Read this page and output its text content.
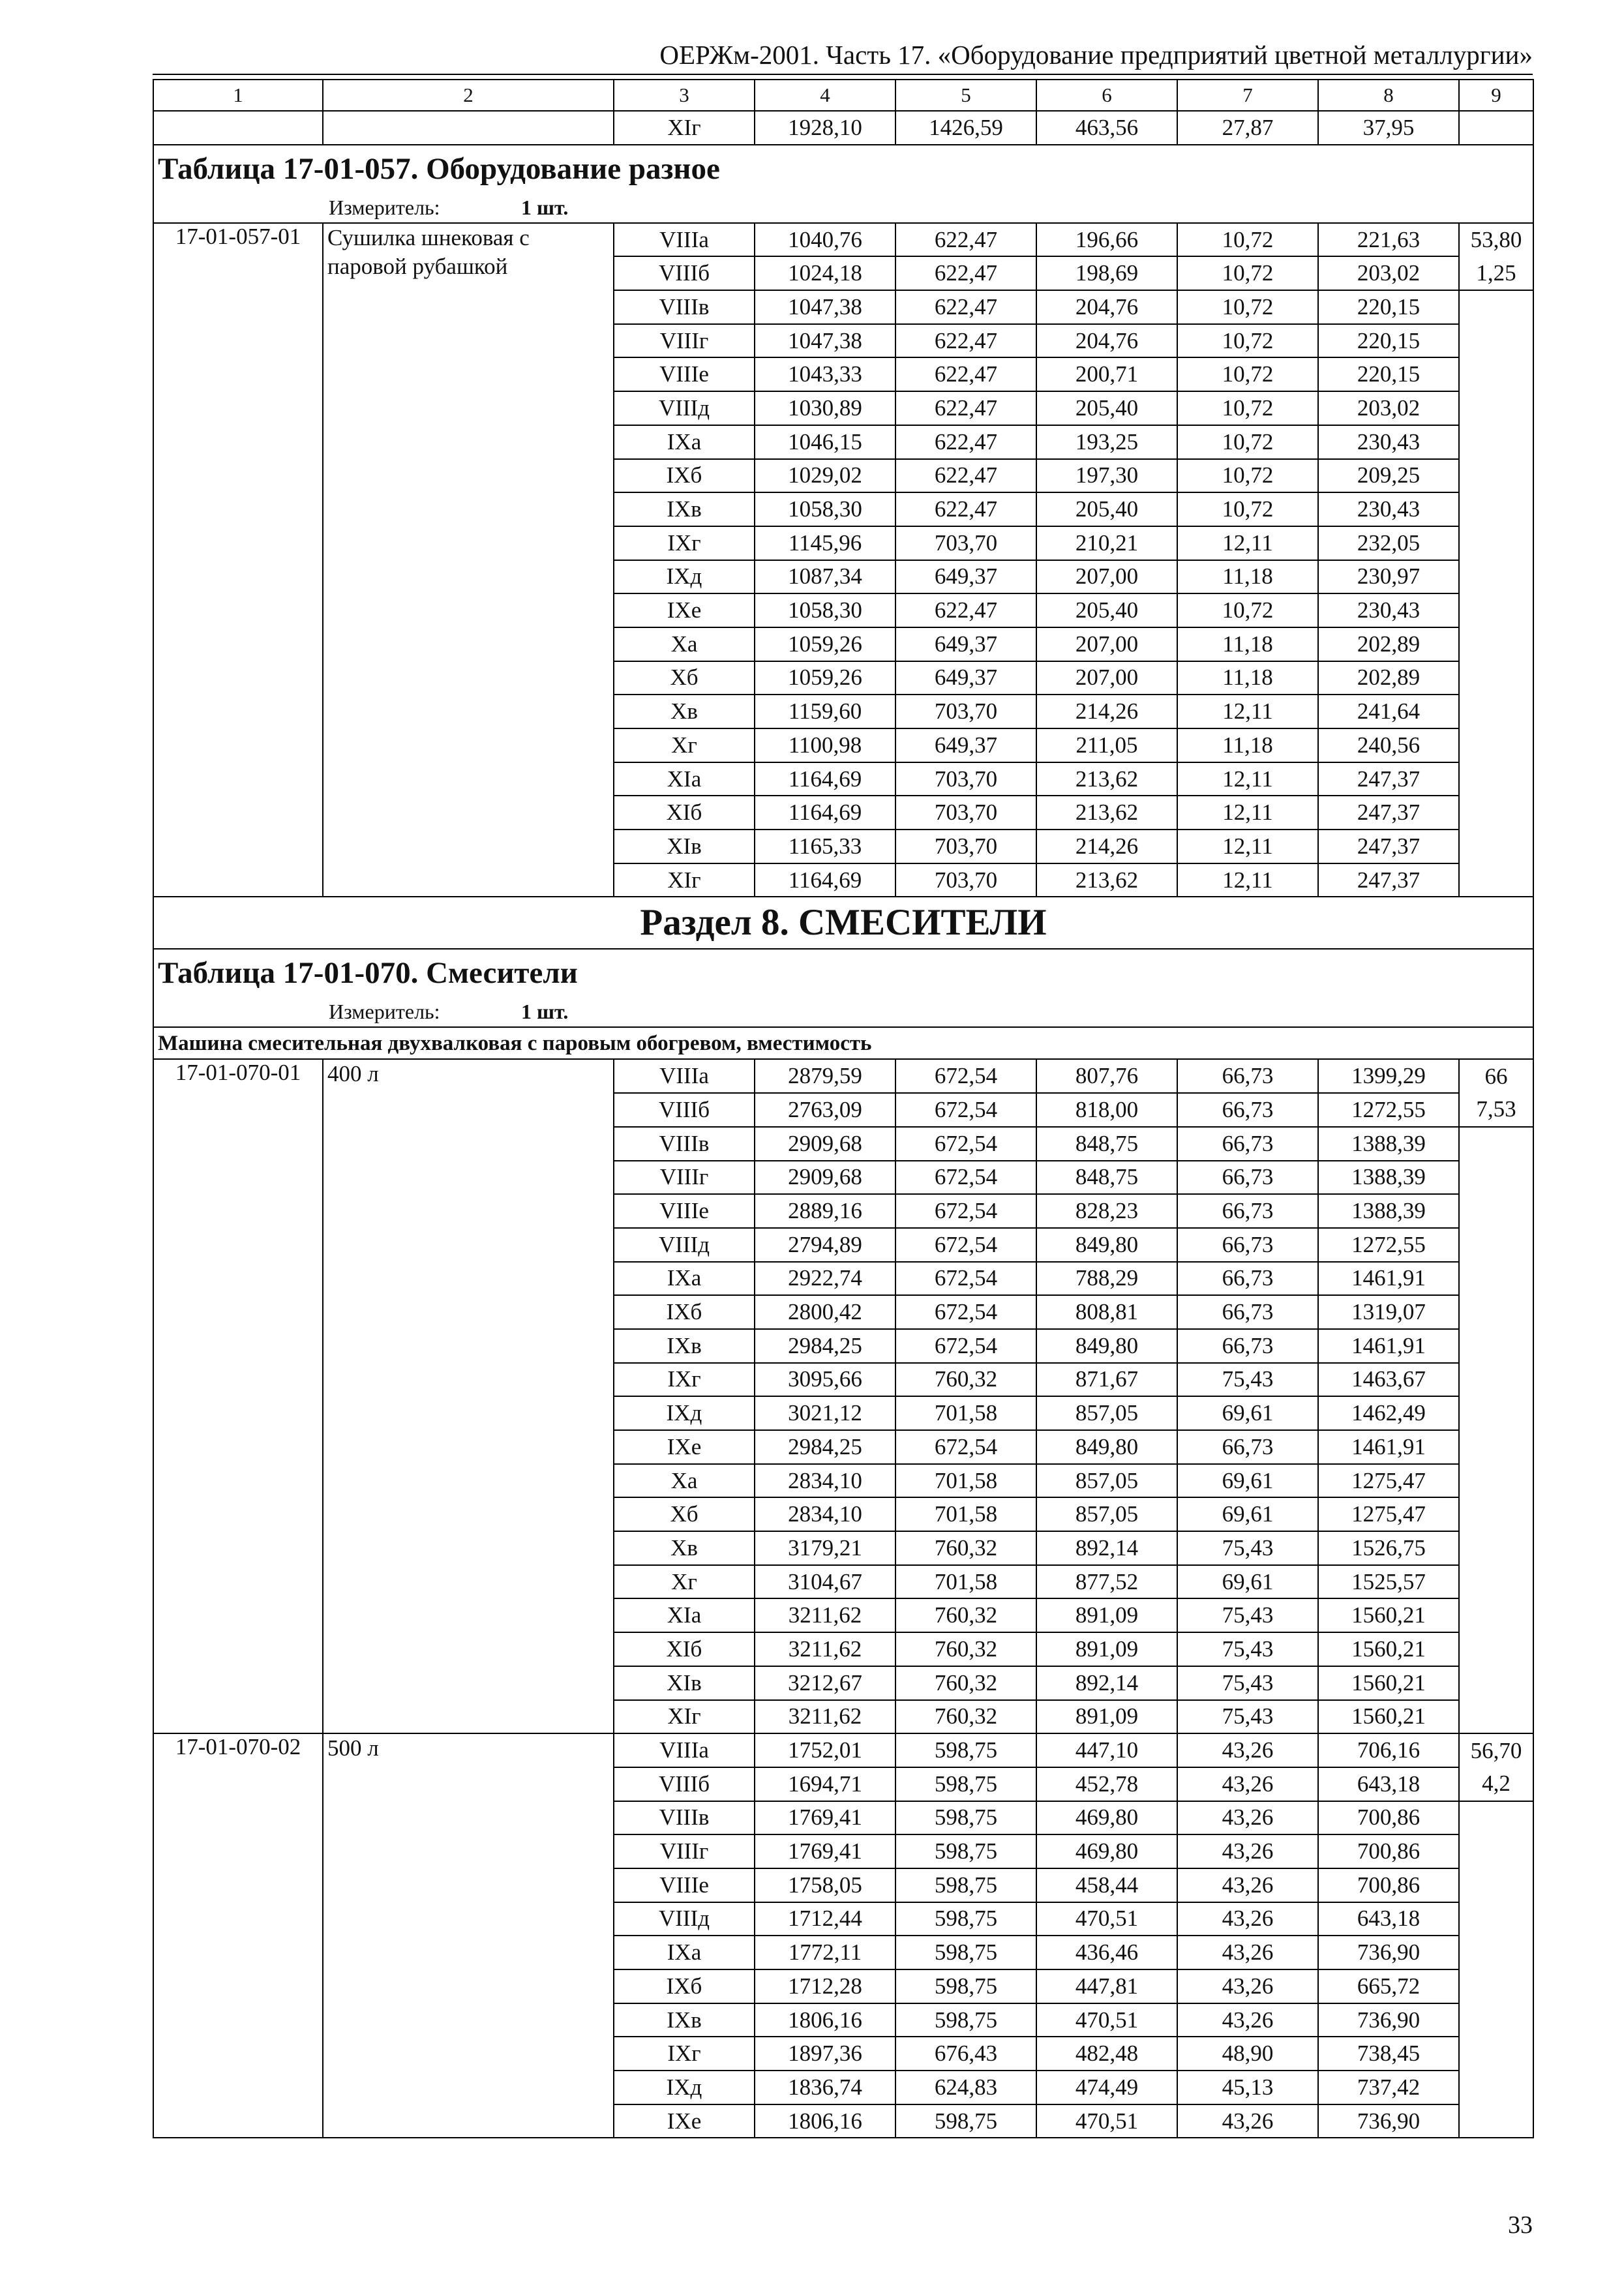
ОЕРЖм-2001. Часть 17. «Оборудование предприятий цветной металлургии»
1	2	3	4	5	6	7	8	9
		XIг	1928,10	1426,59	463,56	27,87	37,95	
Таблица 17-01-057. Оборудование разное								
Измеритель: 1 шт.								
17-01-057-01	Сушилка шнековая с паровой рубашкой	VIIIа	1040,76	622,47	196,66	10,72	221,63	53,80
		VIIIб	1024,18	622,47	198,69	10,72	203,02	1,25
		VIIIв	1047,38	622,47	204,76	10,72	220,15	
		VIIIг	1047,38	622,47	204,76	10,72	220,15	
		VIIIе	1043,33	622,47	200,71	10,72	220,15	
		VIIIд	1030,89	622,47	205,40	10,72	203,02	
		IXа	1046,15	622,47	193,25	10,72	230,43	
		IXб	1029,02	622,47	197,30	10,72	209,25	
		IXв	1058,30	622,47	205,40	10,72	230,43	
		IXг	1145,96	703,70	210,21	12,11	232,05	
		IXд	1087,34	649,37	207,00	11,18	230,97	
		IXе	1058,30	622,47	205,40	10,72	230,43	
		Xа	1059,26	649,37	207,00	11,18	202,89	
		Xб	1059,26	649,37	207,00	11,18	202,89	
		Xв	1159,60	703,70	214,26	12,11	241,64	
		Xг	1100,98	649,37	211,05	11,18	240,56	
		XIа	1164,69	703,70	213,62	12,11	247,37	
		XIб	1164,69	703,70	213,62	12,11	247,37	
		XIв	1165,33	703,70	214,26	12,11	247,37	
		XIг	1164,69	703,70	213,62	12,11	247,37	
Раздел 8. СМЕСИТЕЛИ								
Таблица 17-01-070. Смесители								
Измеритель: 1 шт.								
Машина смесительная двухвалковая с паровым обогревом, вместимость								
17-01-070-01	400 л	VIIIа	2879,59	672,54	807,76	66,73	1399,29	66
		VIIIб	2763,09	672,54	818,00	66,73	1272,55	7,53
		VIIIв	2909,68	672,54	848,75	66,73	1388,39	
		VIIIг	2909,68	672,54	848,75	66,73	1388,39	
		VIIIе	2889,16	672,54	828,23	66,73	1388,39	
		VIIIд	2794,89	672,54	849,80	66,73	1272,55	
		IXа	2922,74	672,54	788,29	66,73	1461,91	
		IXб	2800,42	672,54	808,81	66,73	1319,07	
		IXв	2984,25	672,54	849,80	66,73	1461,91	
		IXг	3095,66	760,32	871,67	75,43	1463,67	
		IXд	3021,12	701,58	857,05	69,61	1462,49	
		IXе	2984,25	672,54	849,80	66,73	1461,91	
		Xа	2834,10	701,58	857,05	69,61	1275,47	
		Xб	2834,10	701,58	857,05	69,61	1275,47	
		Xв	3179,21	760,32	892,14	75,43	1526,75	
		Xг	3104,67	701,58	877,52	69,61	1525,57	
		XIа	3211,62	760,32	891,09	75,43	1560,21	
		XIб	3211,62	760,32	891,09	75,43	1560,21	
		XIв	3212,67	760,32	892,14	75,43	1560,21	
		XIг	3211,62	760,32	891,09	75,43	1560,21	
17-01-070-02	500 л	VIIIа	1752,01	598,75	447,10	43,26	706,16	56,70
		VIIIб	1694,71	598,75	452,78	43,26	643,18	4,2
		VIIIв	1769,41	598,75	469,80	43,26	700,86	
		VIIIг	1769,41	598,75	469,80	43,26	700,86	
		VIIIе	1758,05	598,75	458,44	43,26	700,86	
		VIIIд	1712,44	598,75	470,51	43,26	643,18	
		IXа	1772,11	598,75	436,46	43,26	736,90	
		IXб	1712,28	598,75	447,81	43,26	665,72	
		IXв	1806,16	598,75	470,51	43,26	736,90	
		IXг	1897,36	676,43	482,48	48,90	738,45	
		IXд	1836,74	624,83	474,49	45,13	737,42	
		IXе	1806,16	598,75	470,51	43,26	736,90	
33
